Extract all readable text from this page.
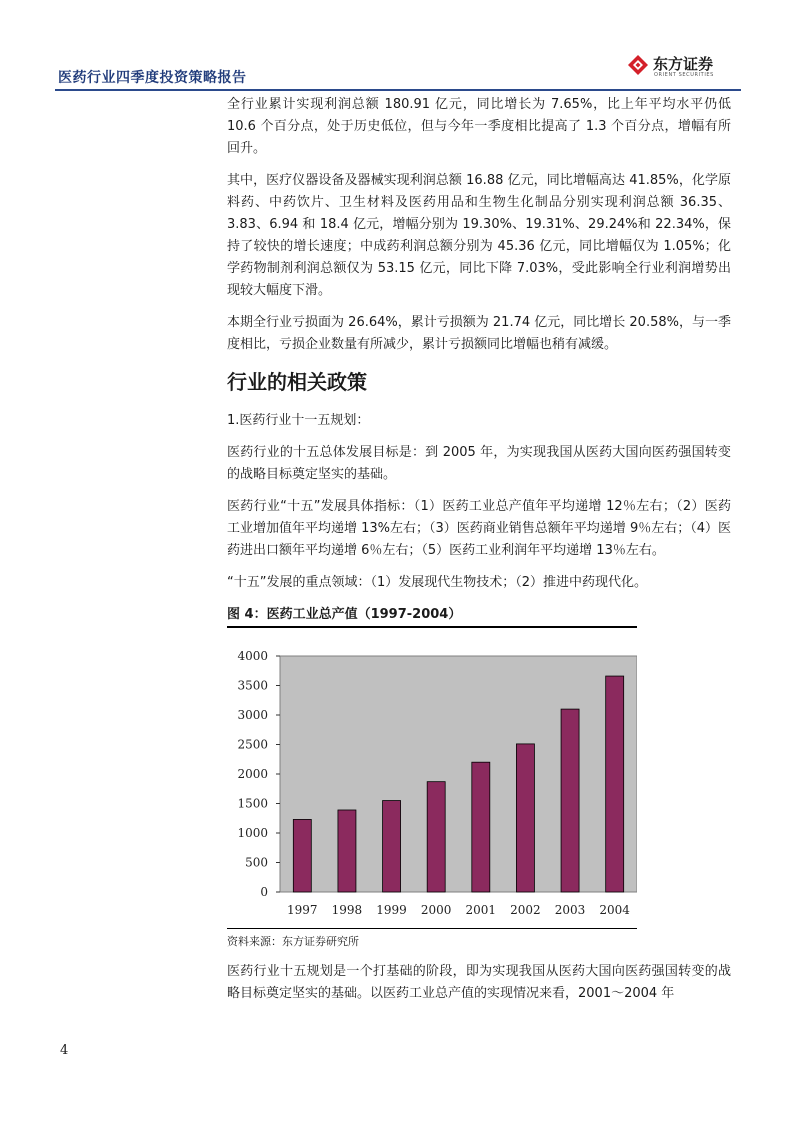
医药行业四季度投资策略报告
东方证券
ORIENT SECURITIES

全行业累计实现利润总额 180.91 亿元，同比增长为 7.65%，比上年平均水平仍低 10.6 个百分点，处于历史低位，但与今年一季度相比提高了 1.3 个百分点，增幅有所回升。

其中，医疗仪器设备及器械实现利润总额 16.88 亿元，同比增幅高达 41.85%，化学原料药、中药饮片、卫生材料及医药用品和生物生化制品分别实现利润总额 36.35、3.83、6.94 和 18.4 亿元，增幅分别为 19.30%、19.31%、29.24%和 22.34%，保持了较快的增长速度；中成药利润总额分别为 45.36 亿元，同比增幅仅为 1.05%；化学药物制剂利润总额仅为 53.15 亿元，同比下降 7.03%，受此影响全行业利润增势出现较大幅度下滑。

本期全行业亏损面为 26.64%，累计亏损额为 21.74 亿元，同比增长 20.58%，与一季度相比，亏损企业数量有所减少，累计亏损额同比增幅也稍有减缓。

行业的相关政策

1.医药行业十一五规划：

医药行业的十五总体发展目标是：到 2005 年，为实现我国从医药大国向医药强国转变的战略目标奠定坚实的基础。

医药行业“十五”发展具体指标：（1）医药工业总产值年平均递增 12％左右；（2）医药工业增加值年平均递增 13%左右；（3）医药商业销售总额年平均递增 9％左右；（4）医药进出口额年平均递增 6％左右；（5）医药工业利润年平均递增 13％左右。

“十五”发展的重点领域：（1）发展现代生物技术；（2）推进中药现代化。

图 4：医药工业总产值（1997-2004）
0
500
1000
1500
2000
2500
3000
3500
4000
1997 1998 1999 2000 2001 2002 2003 2004
资料来源：东方证券研究所

医药行业十五规划是一个打基础的阶段，即为实现我国从医药大国向医药强国转变的战略目标奠定坚实的基础。以医药工业总产值的实现情况来看，2001～2004 年

4
